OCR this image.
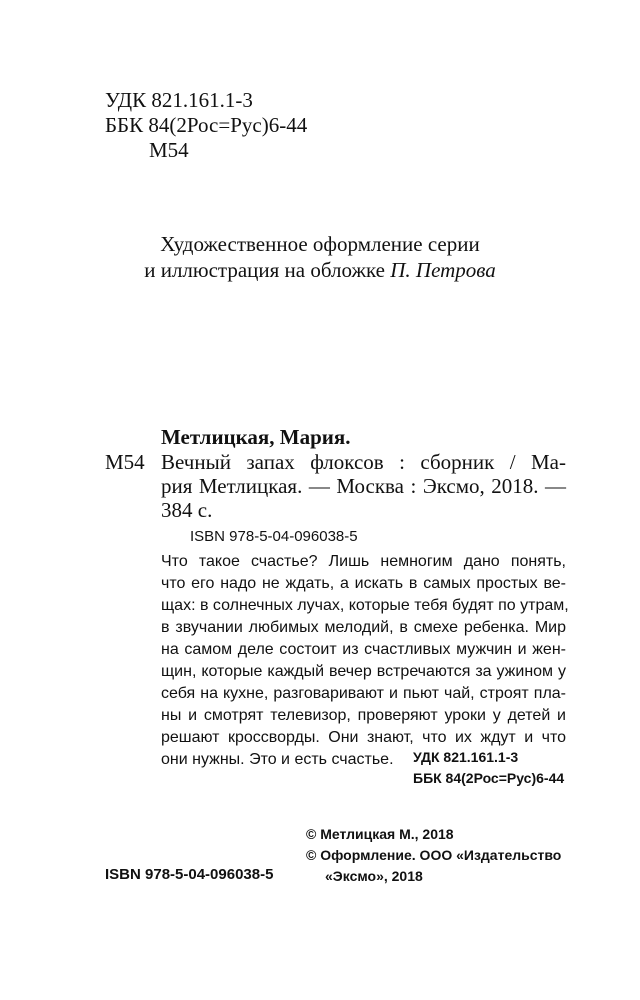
УДК 821.161.1-3
ББК 84(2Рос=Рус)6-44
М54
Художественное оформление серии
и иллюстрация на обложке П. Петрова
Метлицкая, Мария.
М54 Вечный запах флоксов : сборник / Ма-
рия Метлицкая. — Москва : Эксмо, 2018. —
384 с.
ISBN 978-5-04-096038-5
Что такое счастье? Лишь немногим дано понять,
что его надо не ждать, а искать в самых простых ве-
щах: в солнечных лучах, которые тебя будят по утрам,
в звучании любимых мелодий, в смехе ребенка. Мир
на самом деле состоит из счастливых мужчин и жен-
щин, которые каждый вечер встречаются за ужином у
себя на кухне, разговаривают и пьют чай, строят пла-
ны и смотрят телевизор, проверяют уроки у детей и
решают кроссворды. Они знают, что их ждут и что
они нужны. Это и есть счастье.	УДК 821.161.1-3
ББК 84(2Рос=Рус)6-44
© Метлицкая М., 2018
© Оформление. ООО «Издательство
«Эксмо», 2018
ISBN 978-5-04-096038-5
